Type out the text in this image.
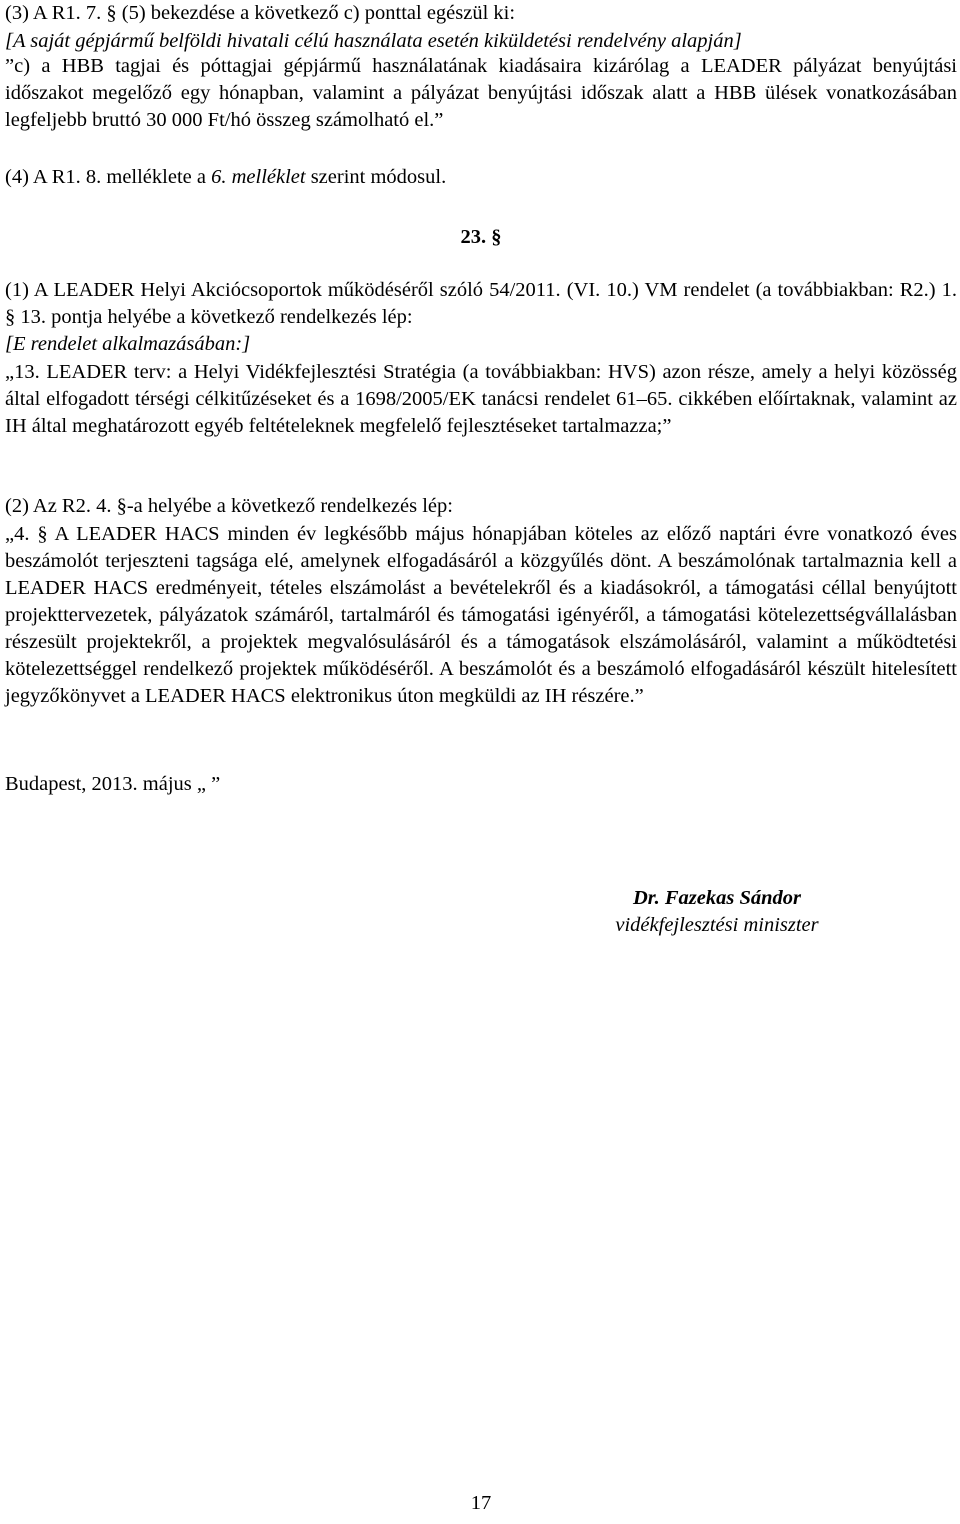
(3) A R1. 7. § (5) bekezdése a következő c) ponttal egészül ki:

[A saját gépjármű belföldi hivatali célú használata esetén kiküldetési rendelvény alapján]

”c) a HBB tagjai és póttagjai gépjármű használatának kiadásaira kizárólag a LEADER pályázat benyújtási időszakot megelőző egy hónapban, valamint a pályázat benyújtási időszak alatt a HBB ülések vonatkozásában legfeljebb bruttó 30 000 Ft/hó összeg számolható el.”

(4) A R1. 8. melléklete a 6. melléklet szerint módosul.

23. §

(1) A LEADER Helyi Akciócsoportok működéséről szóló 54/2011. (VI. 10.) VM rendelet (a továbbiakban: R2.) 1. § 13. pontja helyébe a következő rendelkezés lép:

[E rendelet alkalmazásában:]

„13. LEADER terv: a Helyi Vidékfejlesztési Stratégia (a továbbiakban: HVS) azon része, amely a helyi közösség által elfogadott térségi célkitűzéseket és a 1698/2005/EK tanácsi rendelet 61–65. cikkében előírtaknak, valamint az IH által meghatározott egyéb feltételeknek megfelelő fejlesztéseket tartalmazza;”

(2) Az R2. 4. §-a helyébe a következő rendelkezés lép:

„4. § A LEADER HACS minden év legkésőbb május hónapjában köteles az előző naptári évre vonatkozó éves beszámolót terjeszteni tagsága elé, amelynek elfogadásáról a közgyűlés dönt. A beszámolónak tartalmaznia kell a LEADER HACS eredményeit, tételes elszámolást a bevételekről és a kiadásokról, a támogatási céllal benyújtott projekttervezetek, pályázatok számáról, tartalmáról és támogatási igényéről, a támogatási kötelezettségvállalásban részesült projektekről, a projektek megvalósulásáról és a támogatások elszámolásáról, valamint a működtetési kötelezettséggel rendelkező projektek működéséről. A beszámolót és a beszámoló elfogadásáról készült hitelesített jegyzőkönyvet a LEADER HACS elektronikus úton megküldi az IH részére.”

Budapest, 2013. május „ ”

Dr. Fazekas Sándor

vidékfejlesztési miniszter

17
